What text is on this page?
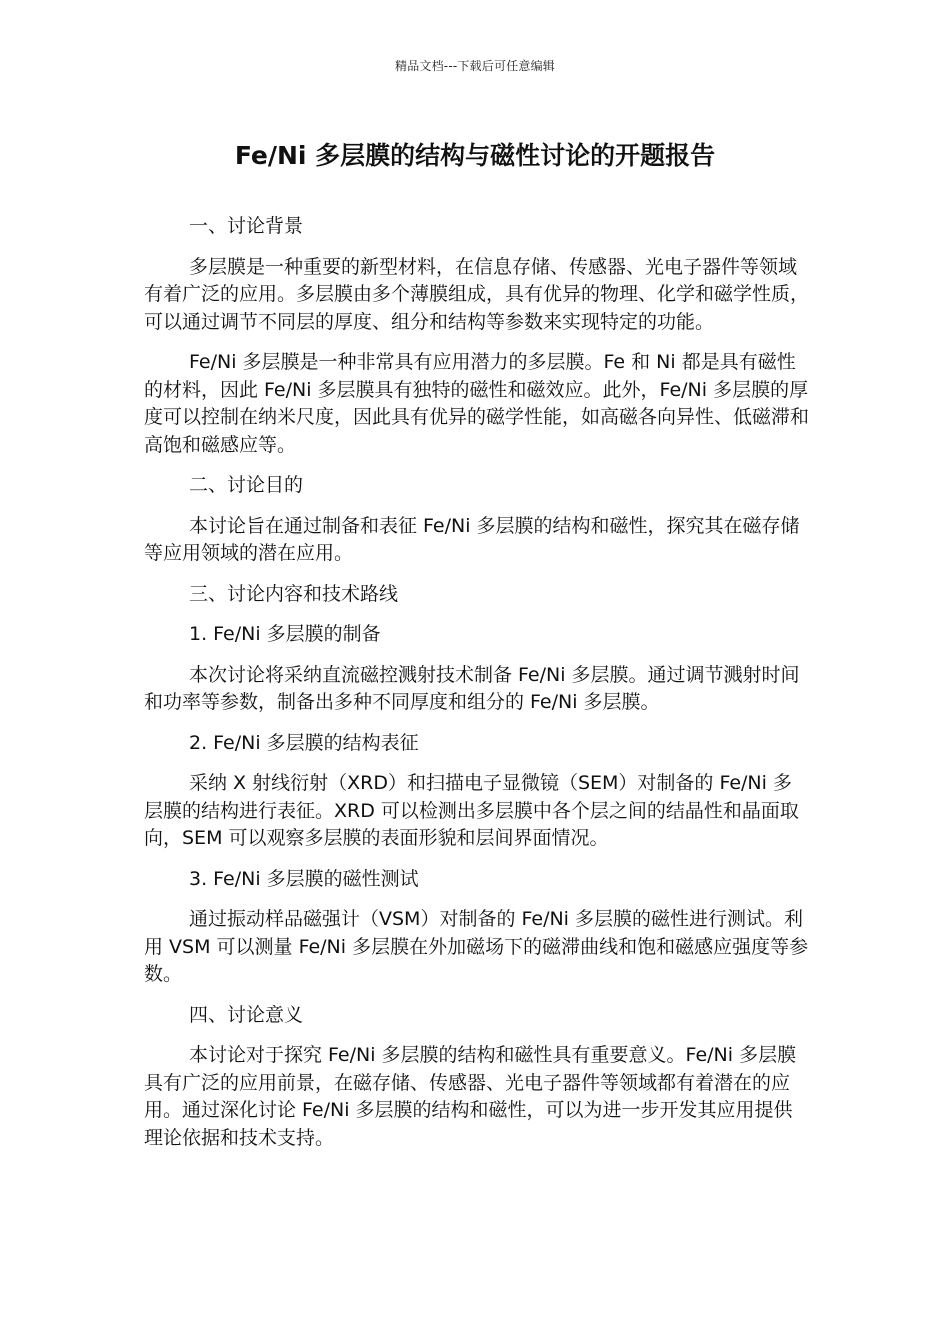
精品文档---下载后可任意编辑
Fe/Ni 多层膜的结构与磁性讨论的开题报告

一、讨论背景

多层膜是一种重要的新型材料，在信息存储、传感器、光电子器件等领域有着广泛的应用。多层膜由多个薄膜组成，具有优异的物理、化学和磁学性质，可以通过调节不同层的厚度、组分和结构等参数来实现特定的功能。

Fe/Ni 多层膜是一种非常具有应用潜力的多层膜。Fe 和 Ni 都是具有磁性的材料，因此 Fe/Ni 多层膜具有独特的磁性和磁效应。此外，Fe/Ni 多层膜的厚度可以控制在纳米尺度，因此具有优异的磁学性能，如高磁各向异性、低磁滞和高饱和磁感应等。

二、讨论目的

本讨论旨在通过制备和表征 Fe/Ni 多层膜的结构和磁性，探究其在磁存储等应用领域的潜在应用。

三、讨论内容和技术路线

1. Fe/Ni 多层膜的制备

本次讨论将采纳直流磁控溅射技术制备 Fe/Ni 多层膜。通过调节溅射时间和功率等参数，制备出多种不同厚度和组分的 Fe/Ni 多层膜。

2. Fe/Ni 多层膜的结构表征

采纳 X 射线衍射（XRD）和扫描电子显微镜（SEM）对制备的 Fe/Ni 多层膜的结构进行表征。XRD 可以检测出多层膜中各个层之间的结晶性和晶面取向，SEM 可以观察多层膜的表面形貌和层间界面情况。

3. Fe/Ni 多层膜的磁性测试

通过振动样品磁强计（VSM）对制备的 Fe/Ni 多层膜的磁性进行测试。利用 VSM 可以测量 Fe/Ni 多层膜在外加磁场下的磁滞曲线和饱和磁感应强度等参数。

四、讨论意义

本讨论对于探究 Fe/Ni 多层膜的结构和磁性具有重要意义。Fe/Ni 多层膜具有广泛的应用前景，在磁存储、传感器、光电子器件等领域都有着潜在的应用。通过深化讨论 Fe/Ni 多层膜的结构和磁性，可以为进一步开发其应用提供理论依据和技术支持。
